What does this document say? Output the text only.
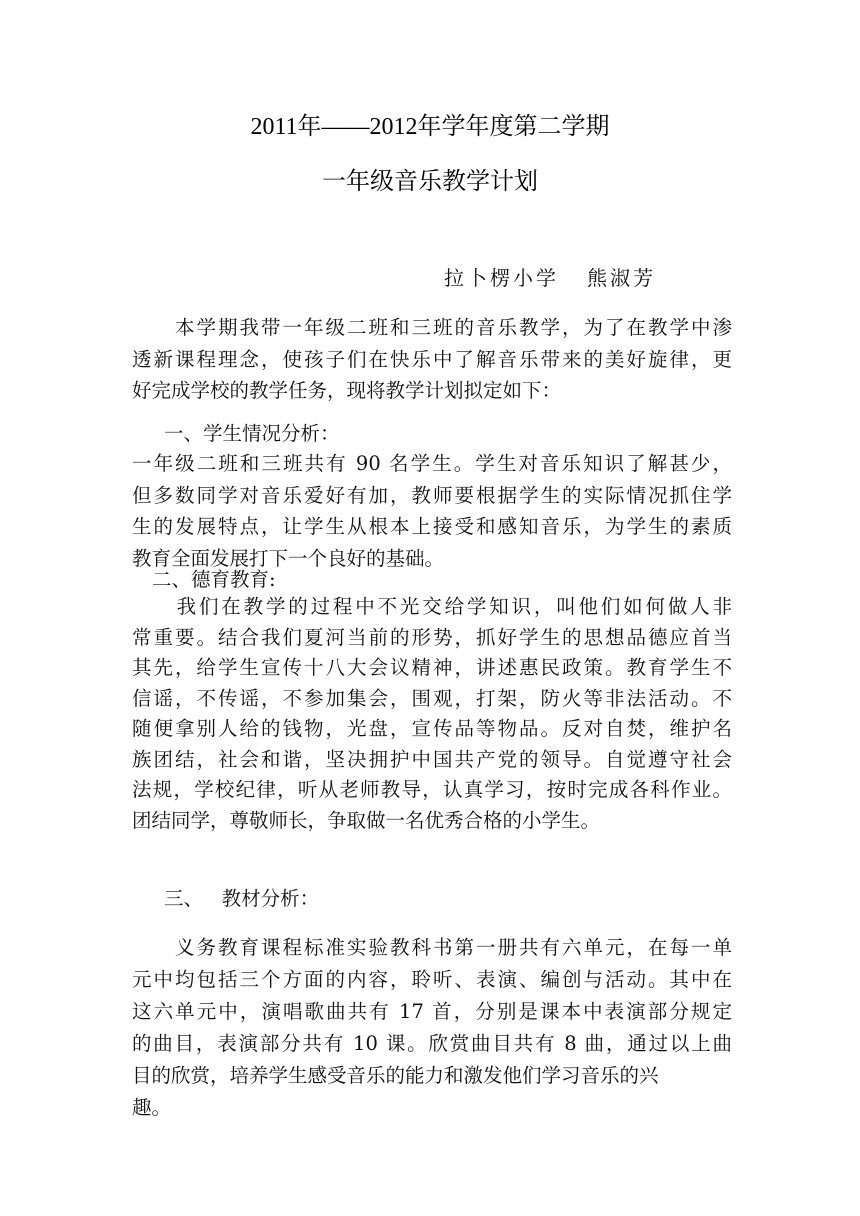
2011年——2012年学年度第二学期
一年级音乐教学计划
拉卜楞小学   熊淑芳
　　本学期我带一年级二班和三班的音乐教学，为了在教学中渗
透新课程理念，使孩子们在快乐中了解音乐带来的美好旋律，更
好完成学校的教学任务，现将教学计划拟定如下：
一、学生情况分析：
一年级二班和三班共有 90 名学生。学生对音乐知识了解甚少，
但多数同学对音乐爱好有加，教师要根据学生的实际情况抓住学
生的发展特点，让学生从根本上接受和感知音乐，为学生的素质
教育全面发展打下一个良好的基础。
二、德育教育:
　　我们在教学的过程中不光交给学知识，叫他们如何做人非
常重要。结合我们夏河当前的形势，抓好学生的思想品德应首当
其先，给学生宣传十八大会议精神，讲述惠民政策。教育学生不
信谣，不传谣，不参加集会，围观，打架，防火等非法活动。不
随便拿别人给的钱物，光盘，宣传品等物品。反对自焚，维护名
族团结，社会和谐，坚决拥护中国共产党的领导。自觉遵守社会
法规，学校纪律，听从老师教导，认真学习，按时完成各科作业。
团结同学，尊敬师长，争取做一名优秀合格的小学生。
三、   教材分析：
　　义务教育课程标准实验教科书第一册共有六单元，在每一单
元中均包括三个方面的内容，聆听、表演、编创与活动。其中在
这六单元中，演唱歌曲共有 17 首，分别是课本中表演部分规定
的曲目，表演部分共有 10 课。欣赏曲目共有 8 曲，通过以上曲
目的欣赏，培养学生感受音乐的能力和激发他们学习音乐的兴
趣。
